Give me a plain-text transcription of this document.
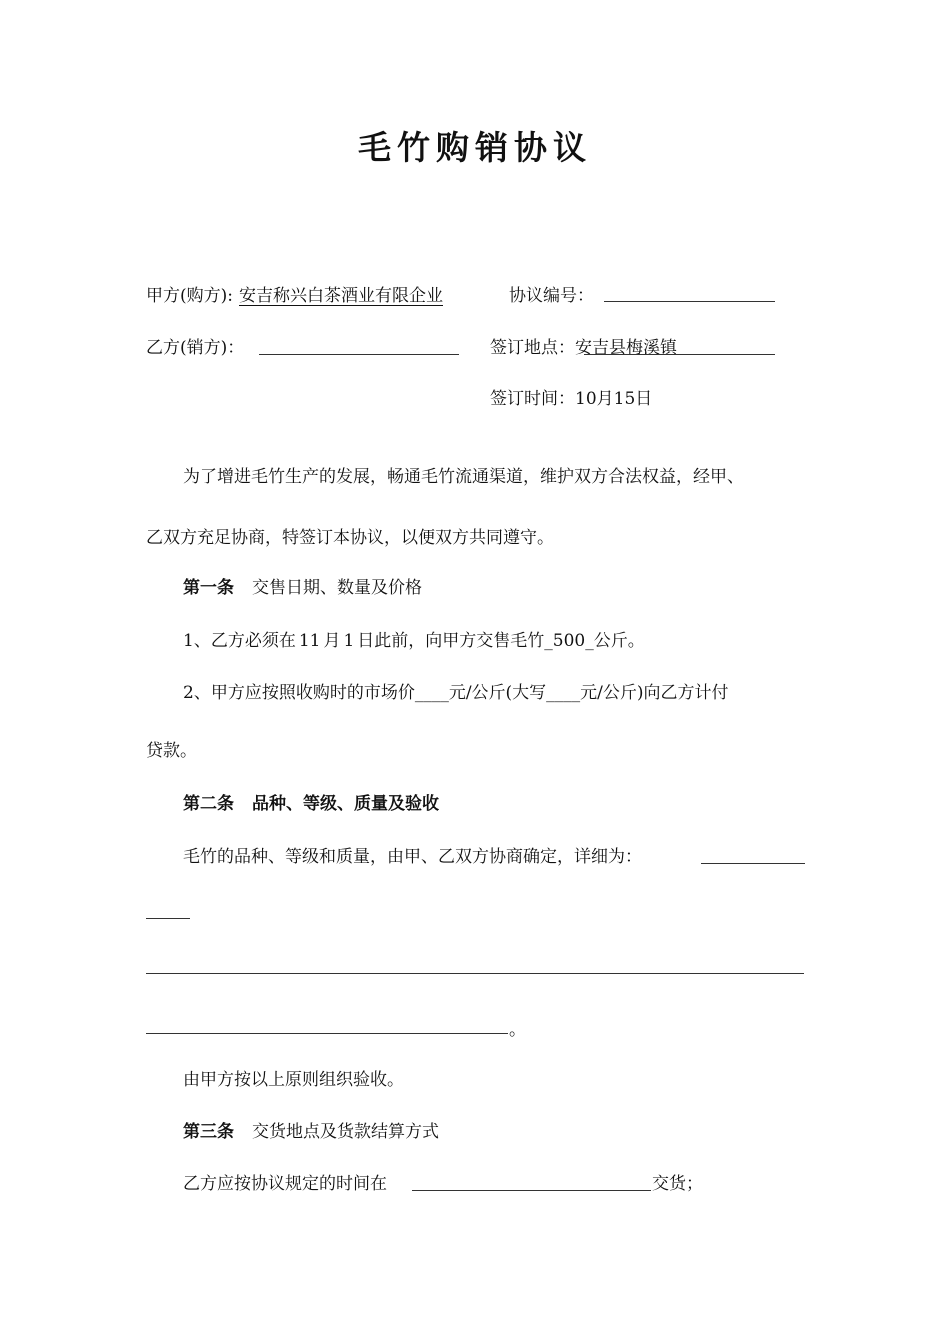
毛竹购销协议
甲方(购方): 安吉称兴白茶酒业有限企业	协议编号：
乙方(销方)：	签订地点：安吉县梅溪镇
签订时间：10月15日
为了增进毛竹生产的发展，畅通毛竹流通渠道，维护双方合法权益，经甲、
乙双方充足协商，特签订本协议，以便双方共同遵守。
第一条 交售日期、数量及价格
1、乙方必须在 11 月 1 日此前，向甲方交售毛竹_500_公斤。
2、甲方应按照收购时的市场价____元/公斤(大写____元/公斤)向乙方计付
贷款。
第二条 品种、等级、质量及验收
毛竹的品种、等级和质量，由甲、乙双方协商确定，详细为：
。
由甲方按以上原则组织验收。
第三条 交货地点及货款结算方式
乙方应按协议规定的时间在	交货；
